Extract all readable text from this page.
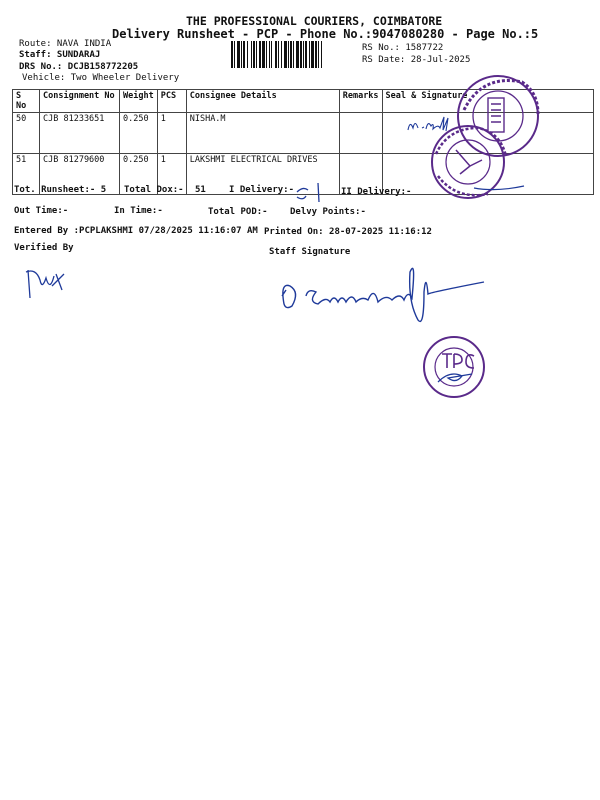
THE PROFESSIONAL COURIERS, COIMBATORE
Delivery Runsheet - PCP - Phone No.:9047080280 - Page No.:5
Route: NAVA INDIA
Staff: SUNDARAJ
DRS No.: DCJB158772205
Vehicle: Two Wheeler Delivery
RS No.: 1587722
RS Date: 28-Jul-2025
S No	Consignment No	Weight	PCS	Consignee Details	Remarks	Seal & Signature
50	CJB 81233651	0.250	1	NISHA.M		
51	CJB 81279600	0.250	1	LAKSHMI ELECTRICAL DRIVES		
Tot. Runsheet:- 5 Total Dox:- 51	I Delivery:-	II Delivery:-
Out Time:-	In Time:-	Total POD:- Delvy Points:-
Entered By :PCPLAKSHMI 07/28/2025 11:16:07 AM Printed On: 28-07-2025 11:16:12
Verified By	Staff Signature
